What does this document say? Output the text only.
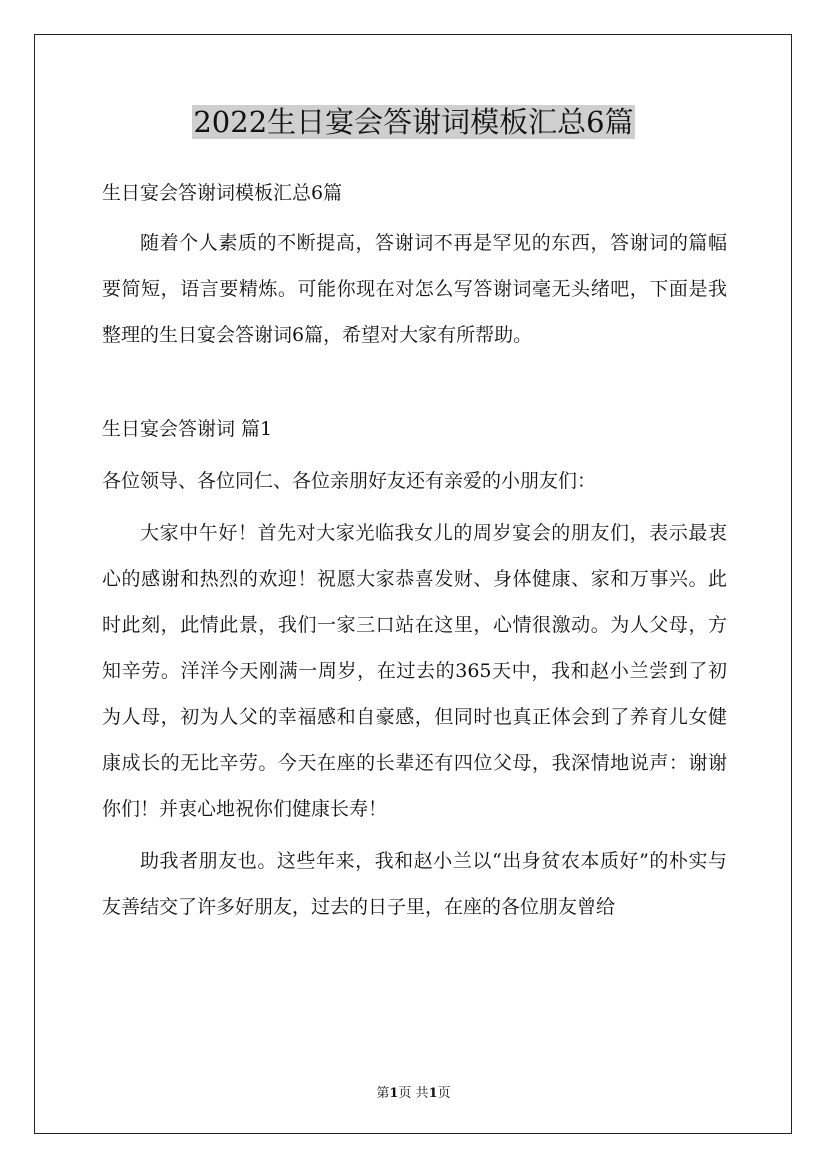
2022生日宴会答谢词模板汇总6篇
生日宴会答谢词模板汇总6篇

随着个人素质的不断提高，答谢词不再是罕见的东西，答谢词的篇幅要简短，语言要精炼。可能你现在对怎么写答谢词毫无头绪吧，下面是我整理的生日宴会答谢词6篇，希望对大家有所帮助。

生日宴会答谢词 篇1
各位领导、各位同仁、各位亲朋好友还有亲爱的小朋友们：

大家中午好！首先对大家光临我女儿的周岁宴会的朋友们，表示最衷心的感谢和热烈的欢迎！祝愿大家恭喜发财、身体健康、家和万事兴。此时此刻，此情此景，我们一家三口站在这里，心情很激动。为人父母，方知辛劳。洋洋今天刚满一周岁，在过去的365天中，我和赵小兰尝到了初为人母，初为人父的幸福感和自豪感，但同时也真正体会到了养育儿女健康成长的无比辛劳。今天在座的长辈还有四位父母，我深情地说声：谢谢你们！并衷心地祝你们健康长寿！

助我者朋友也。这些年来，我和赵小兰以“出身贫农本质好”的朴实与友善结交了许多好朋友，过去的日子里，在座的各位朋友曾给

第1页 共1页
